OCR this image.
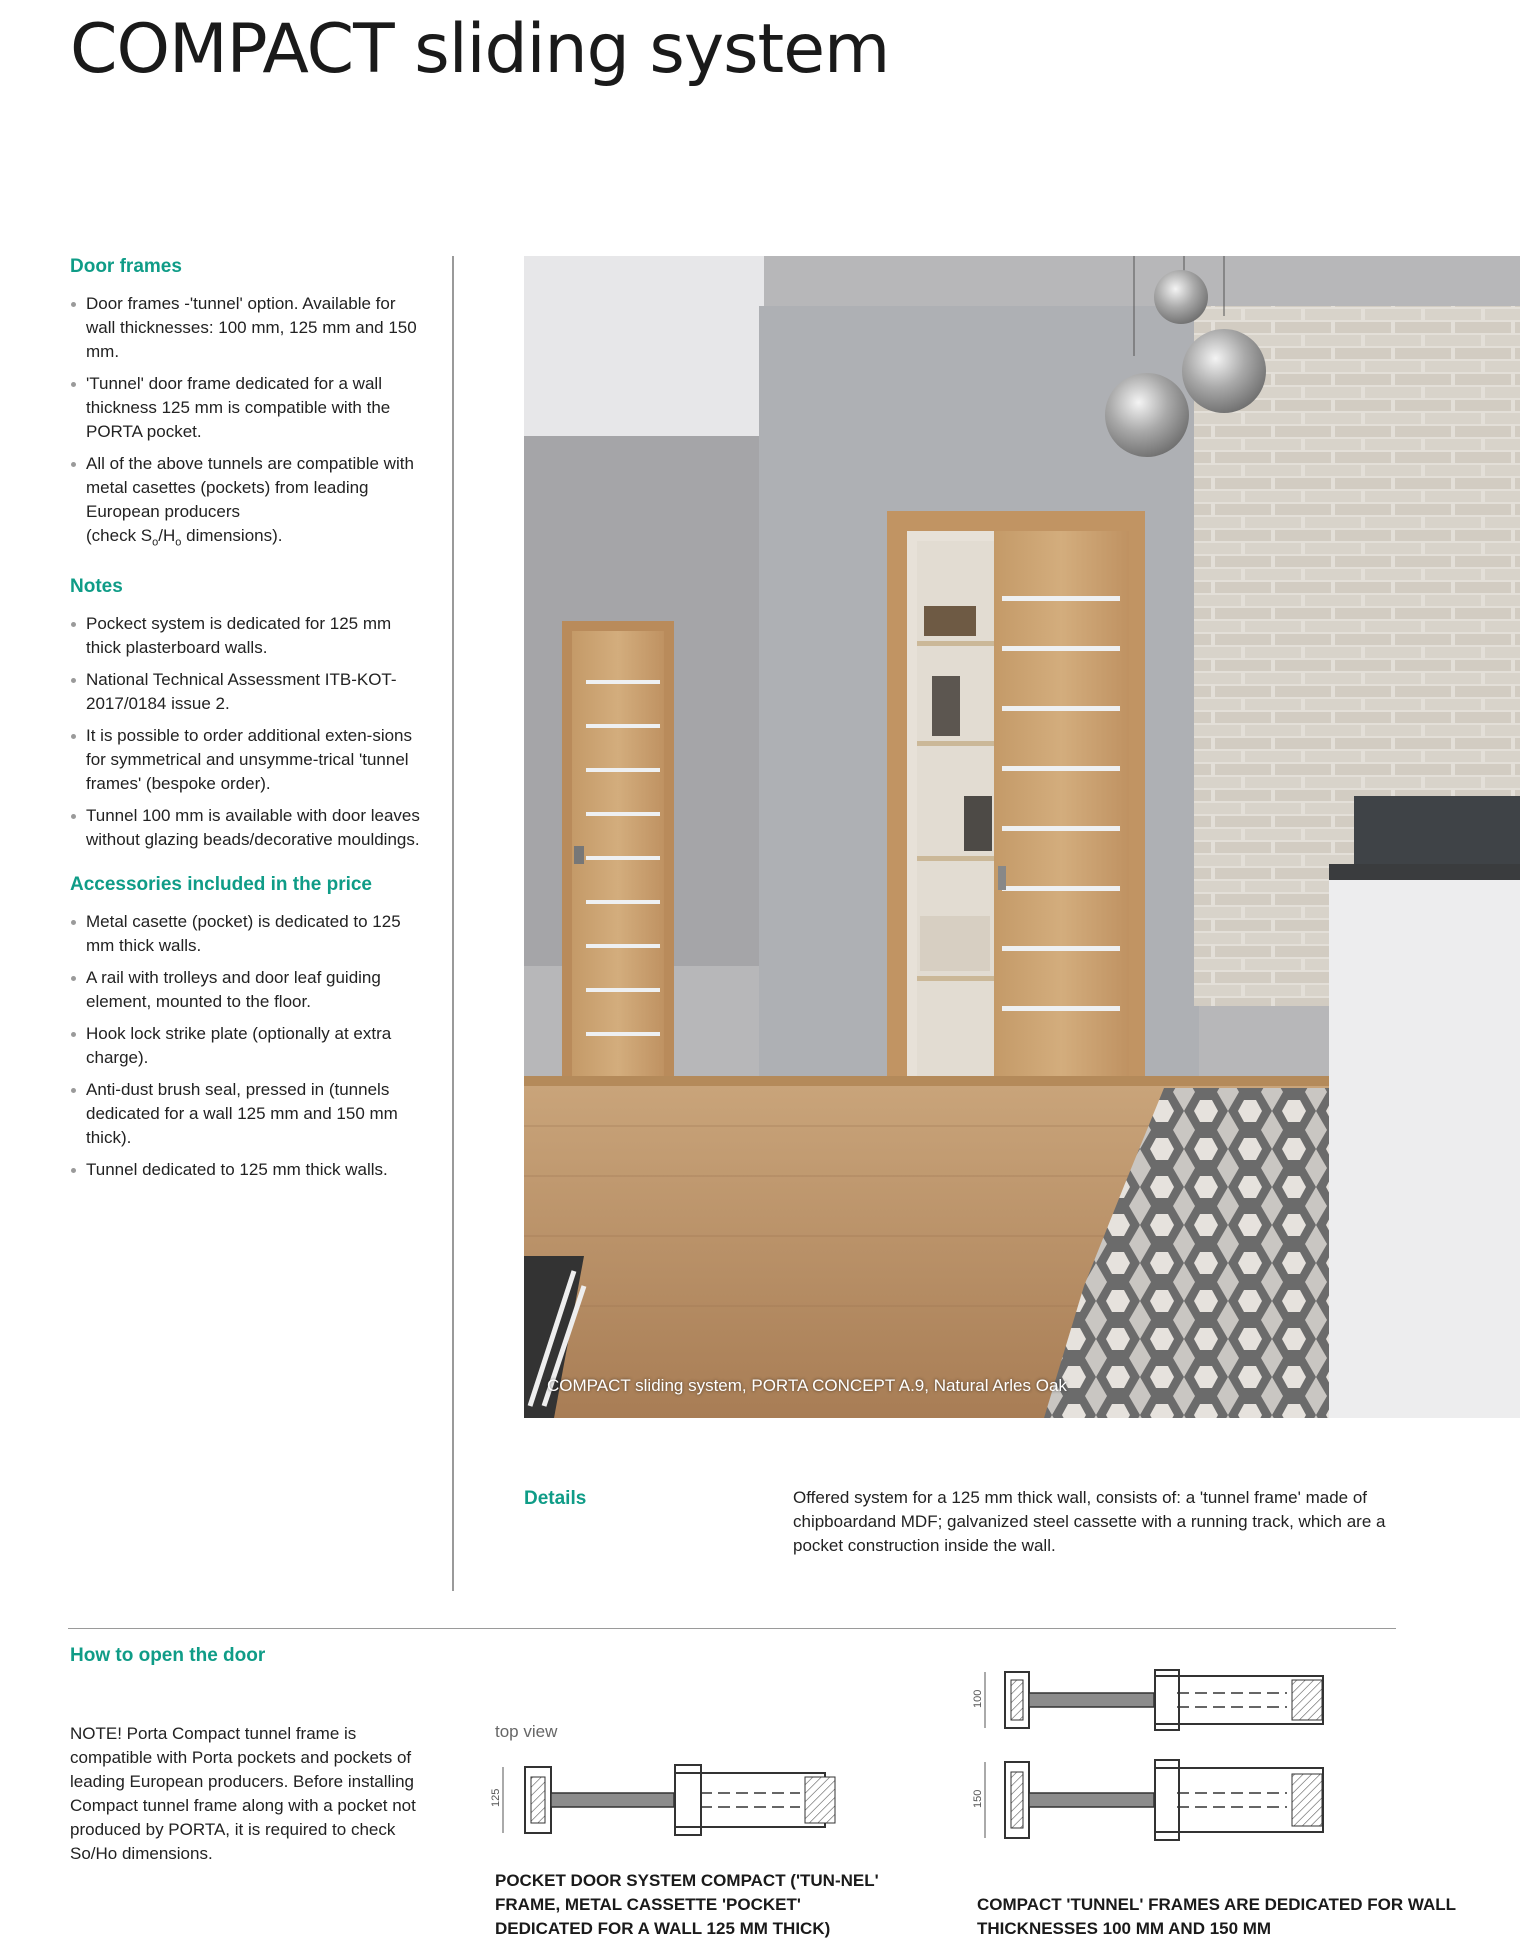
COMPACT sliding system
Door frames
Door frames -'tunnel' option. Available for wall thicknesses: 100 mm, 125 mm and 150 mm.
'Tunnel' door frame dedicated for a wall thickness 125 mm is compatible with the PORTA pocket.
All of the above tunnels are compatible with metal casettes (pockets) from leading European producers
(check $S_o/H_o$ dimensions).
Notes
Pockect system is dedicated for 125 mm thick plasterboard walls.
National Technical Assessment ITB-KOT-2017/0184 issue 2.
It is possible to order additional exten-sions for symmetrical and unsymme-trical 'tunnel frames' (bespoke order).
Tunnel 100 mm is available with door leaves without glazing beads/decorative mouldings.
Accessories included in the price
Metal casette (pocket) is dedicated to 125 mm thick walls.
A rail with trolleys and door leaf guiding element, mounted to the floor.
Hook lock strike plate (optionally at extra charge).
Anti-dust brush seal, pressed in (tunnels dedicated for a wall 125 mm and 150 mm thick).
Tunnel dedicated to 125 mm thick walls.
COMPACT sliding system, PORTA CONCEPT A.9, Natural Arles Oak
Details	Offered system for a 125 mm thick wall, consists of: a 'tunnel frame' made of chipboardand MDF; galvanized steel cassette with a running track, which are a pocket construction inside the wall.
How to open the door
NOTE! Porta Compact tunnel frame is compatible with Porta pockets and pockets of leading European producers. Before installing Compact tunnel frame along with a pocket not produced by PORTA, it is required to check So/Ho dimensions.
top view
125
100
150
POCKET DOOR SYSTEM COMPACT ('TUN-NEL' FRAME, METAL CASSETTE 'POCKET' DEDICATED FOR A WALL 125 MM THICK)
COMPACT 'TUNNEL' FRAMES ARE DEDICATED FOR WALL THICKNESSES 100 MM AND 150 MM
